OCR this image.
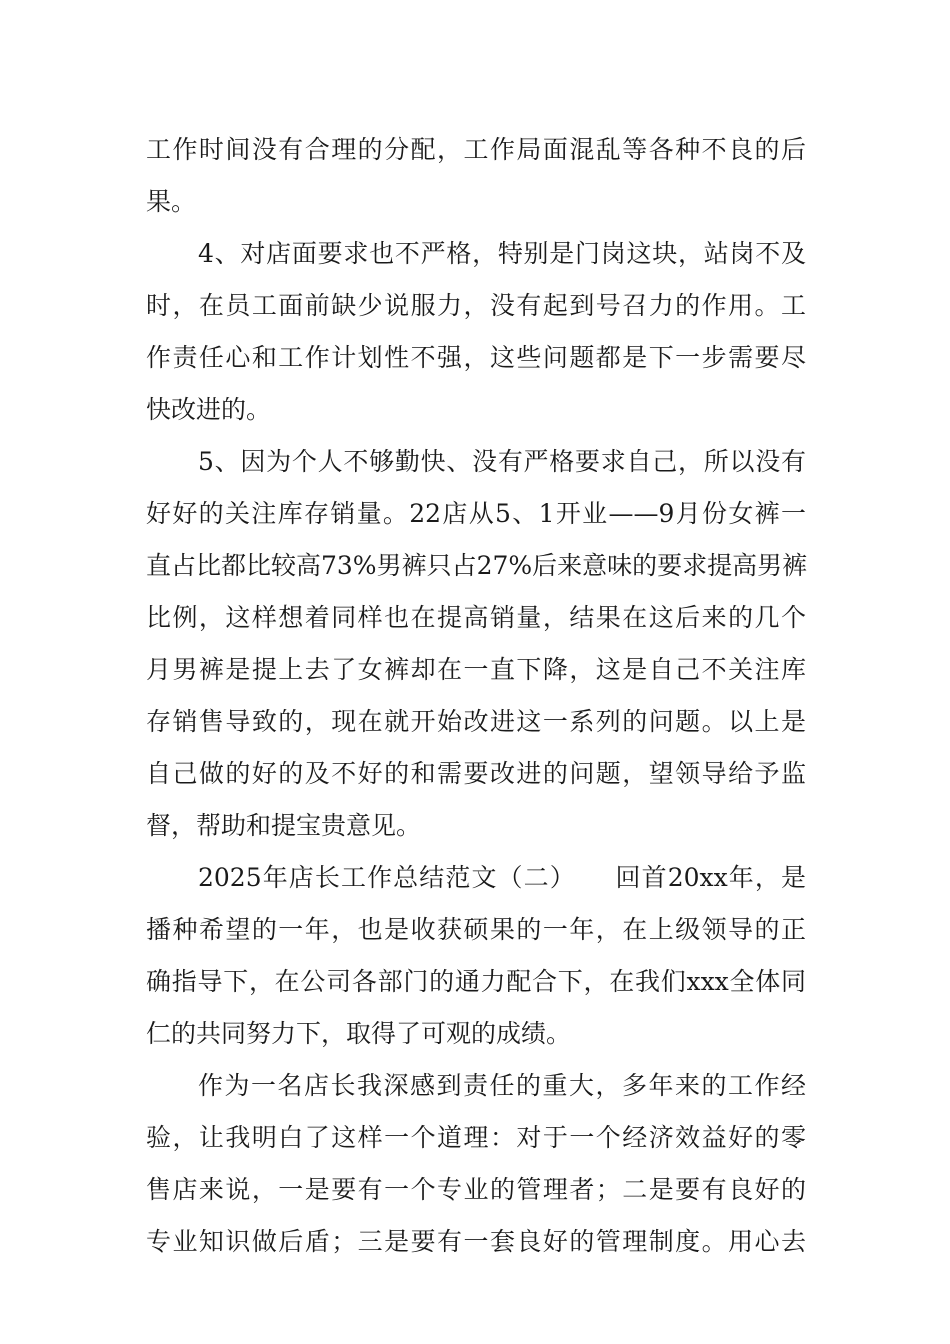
工作时间没有合理的分配，工作局面混乱等各种不良的后
果。
4、对店面要求也不严格，特别是门岗这块，站岗不及
时，在员工面前缺少说服力，没有起到号召力的作用。工
作责任心和工作计划性不强，这些问题都是下一步需要尽
快改进的。
5、因为个人不够勤快、没有严格要求自己，所以没有
好好的关注库存销量。22店从5、1开业——9月份女裤一
直占比都比较高73%男裤只占27%后来意味的要求提高男裤
比例，这样想着同样也在提高销量，结果在这后来的几个
月男裤是提上去了女裤却在一直下降，这是自己不关注库
存销售导致的，现在就开始改进这一系列的问题。以上是
自己做的好的及不好的和需要改进的问题，望领导给予监
督，帮助和提宝贵意见。
2025年店长工作总结范文（二）　　回首20xx年，是
播种希望的一年，也是收获硕果的一年，在上级领导的正
确指导下，在公司各部门的通力配合下，在我们xxx全体同
仁的共同努力下，取得了可观的成绩。
作为一名店长我深感到责任的重大，多年来的工作经
验，让我明白了这样一个道理：对于一个经济效益好的零
售店来说，一是要有一个专业的管理者；二是要有良好的
专业知识做后盾；三是要有一套良好的管理制度。用心去
